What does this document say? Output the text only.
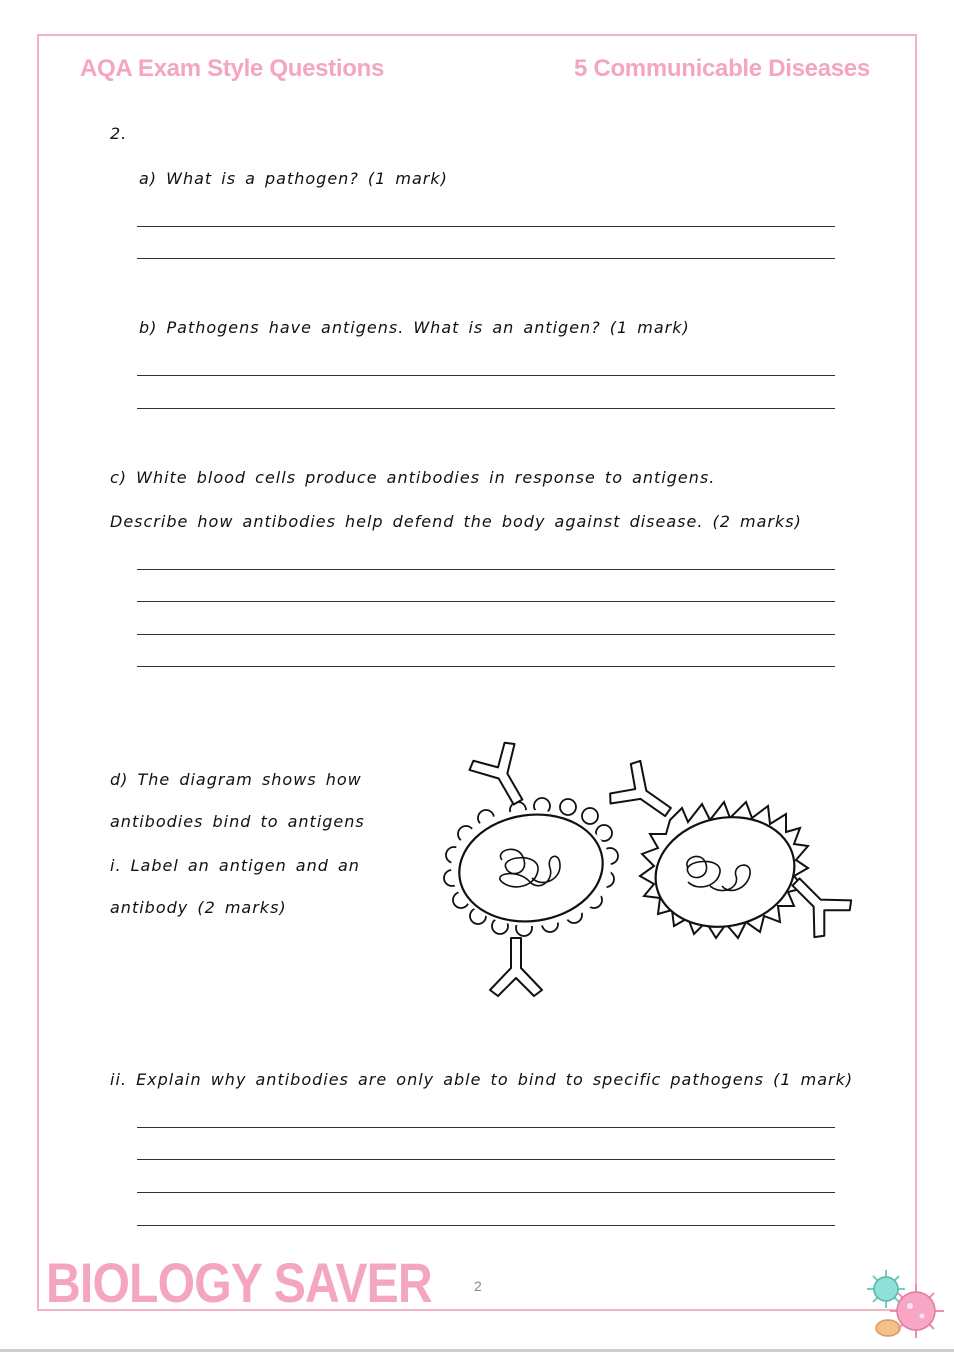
AQA Exam Style Questions	5 Communicable Diseases
2.
a) What is a pathogen? (1 mark)
b) Pathogens have antigens. What is an antigen? (1 mark)
c) White blood cells produce antibodies in response to antigens.
Describe how antibodies help defend the body against disease. (2 marks)
d) The diagram shows how
antibodies bind to antigens
i. Label an antigen and an
antibody (2 marks)
ii. Explain why antibodies are only able to bind to specific pathogens (1 mark)
BIOLOGY SAVER	2
